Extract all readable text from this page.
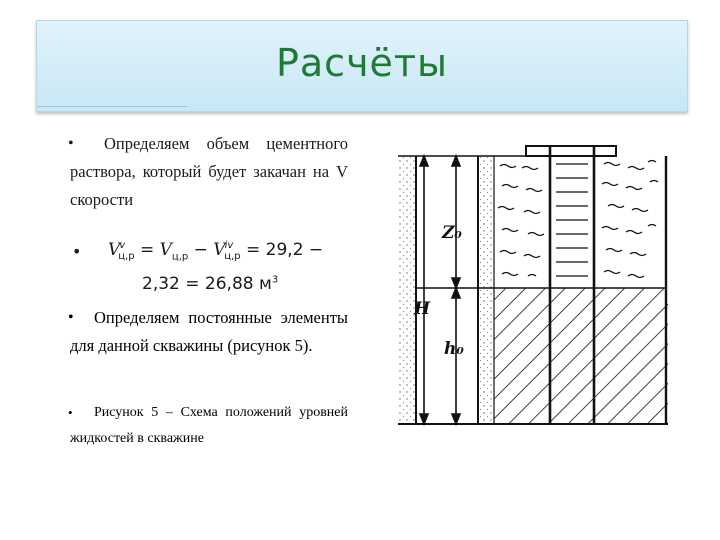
Расчёты
• Определяем объем цементного раствора, который будет закачан на V скорости
• $V^v_{ц,р} = V_{ц,р} - V^{iv}_{ц,р} = 29,2$ −
2,32 = 26,88 $м^3$
• Определяем постоянные элементы для данной скважины (рисунок 5).
• Рисунок 5 – Схема положений уровней жидкостей в скважине
Z₀
H
h₀
